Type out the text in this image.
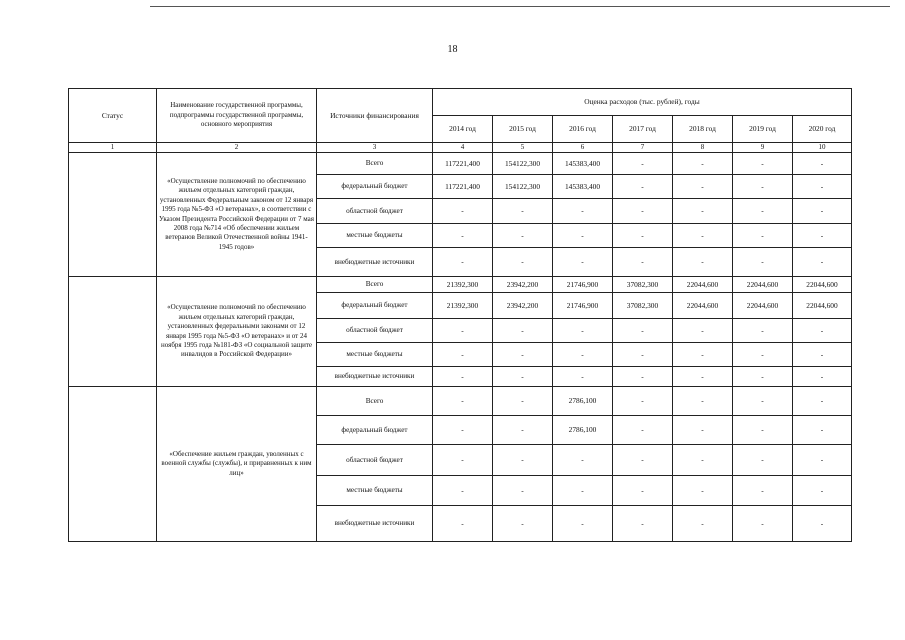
18
Статус	Наименование государственной программы, подпрограммы государственной программы, основного мероприятия	Источники финансирования	Оценка расходов (тыс. рублей), годы						
			2014 год	2015 год	2016 год	2017 год	2018 год	2019 год	2020 год
1	2	3	4	5	6	7	8	9	10
	«Осуществление полномочий по обеспечению жильем отдельных категорий граждан, установленных Федеральным законом от 12 января 1995 года №5-ФЗ «О ветеранах», в соответствии с Указом Президента Российской Федерации от 7 мая 2008 года №714 «Об обеспечении жильем ветеранов Великой Отечественной войны 1941-1945 годов»	Всего	117221,400	154122,300	145383,400	-	-	-	-
		федеральный бюджет	117221,400	154122,300	145383,400	-	-	-	-
		областной бюджет	-	-	-	-	-	-	-
		местные бюджеты	-	-	-	-	-	-	-
		внебюджетные источники	-	-	-	-	-	-	-
	«Осуществление полномочий по обеспечению жильем отдельных категорий граждан, установленных федеральными законами от 12 января 1995 года №5-ФЗ «О ветеранах» и от 24 ноября 1995 года №181-ФЗ «О социальной защите инвалидов в Российской Федерации»	Всего	21392,300	23942,200	21746,900	37082,300	22044,600	22044,600	22044,600
		федеральный бюджет	21392,300	23942,200	21746,900	37082,300	22044,600	22044,600	22044,600
		областной бюджет	-	-	-	-	-	-	-
		местные бюджеты	-	-	-	-	-	-	-
		внебюджетные источники	-	-	-	-	-	-	-
	«Обеспечение жильем граждан, уволенных с военной службы (службы), и приравненных к ним лиц»	Всего	-	-	2786,100	-	-	-	-
		федеральный бюджет	-	-	2786,100	-	-	-	-
		областной бюджет	-	-	-	-	-	-	-
		местные бюджеты	-	-	-	-	-	-	-
		внебюджетные источники	-	-	-	-	-	-	-
